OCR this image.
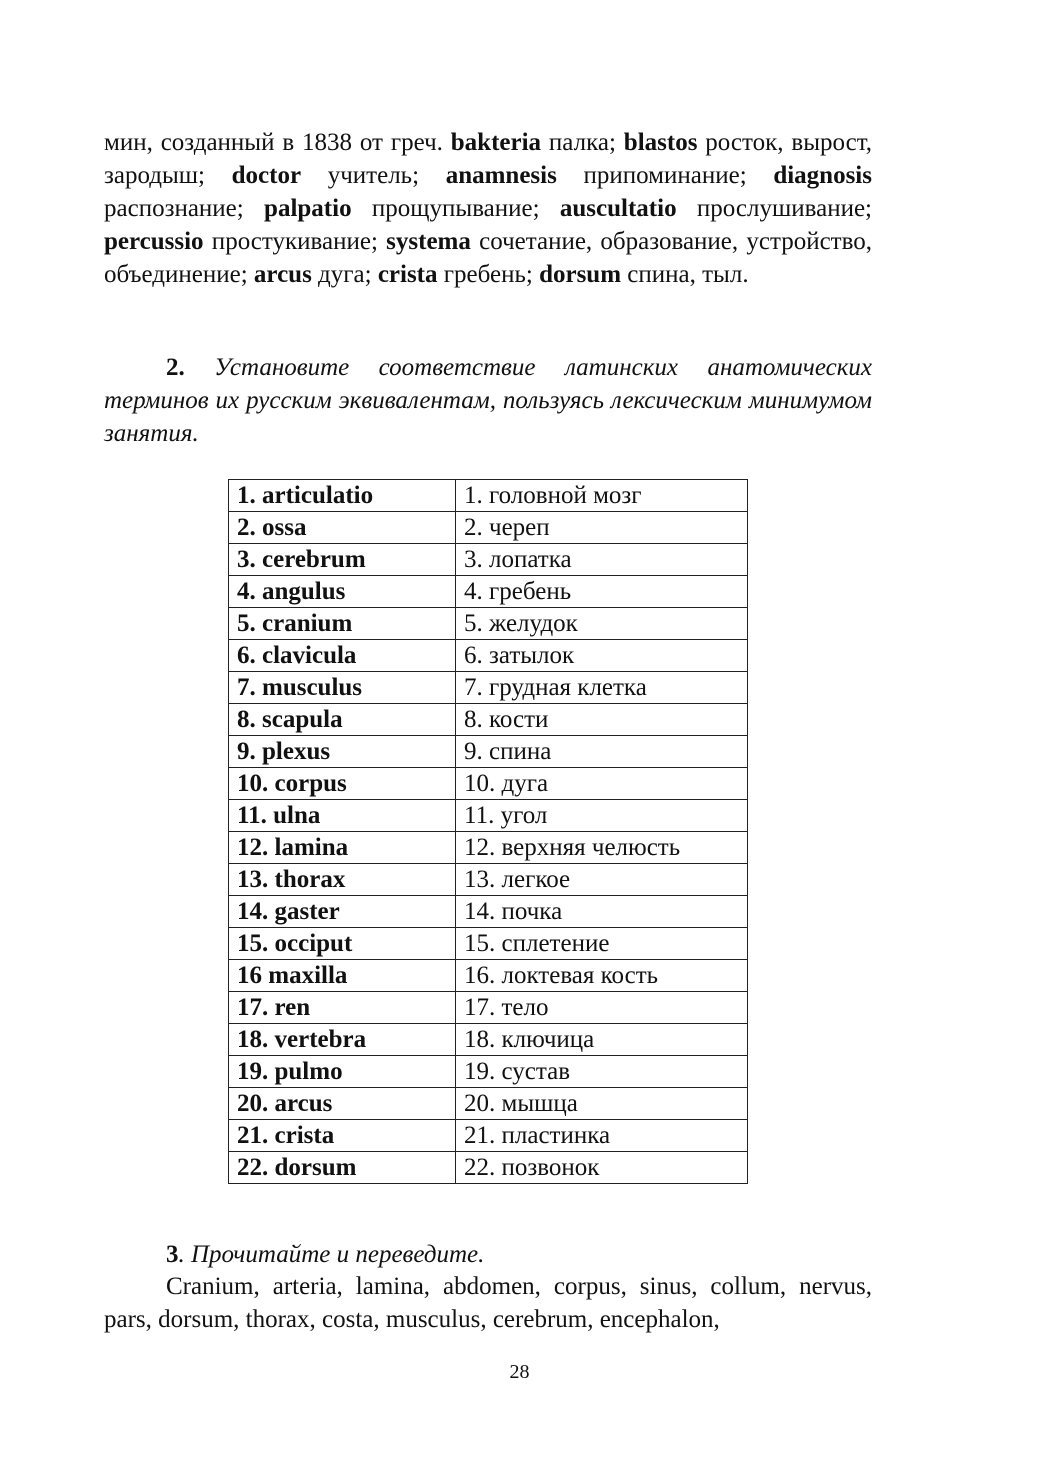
мин, созданный в 1838 от греч. bakteria палка; blastos росток, вырост, зародыш; doctor учитель; anamnesis припоминание; diagnosis распознание; palpatio прощупывание; auscultatio прослушивание; percussio простукивание; systema сочетание, образование, устройство, объединение; arcus дуга; crista гребень; dorsum спина, тыл.

2. Установите соответствие латинских анатомических терминов их русским эквивалентам, пользуясь лексическим минимумом занятия.

1. articulatio	1. головной мозг
2. ossa	2. череп
3. cerebrum	3. лопатка
4. angulus	4. гребень
5. cranium	5. желудок
6. clavicula	6. затылок
7. musculus	7. грудная клетка
8. scapula	8. кости
9. plexus	9. спина
10. corpus	10. дуга
11. ulna	11. угол
12. lamina	12. верхняя челюсть
13. thorax	13. легкое
14. gaster	14. почка
15. occiput	15. сплетение
16 maxilla	16. локтевая кость
17. ren	17. тело
18. vertebra	18. ключица
19. pulmo	19. сустав
20. arcus	20. мышца
21. crista	21. пластинка
22. dorsum	22. позвонок

3. Прочитайте и переведите.

Cranium, arteria, lamina, abdomen, corpus, sinus, collum, nervus, pars, dorsum, thorax, costa, musculus, cerebrum, encephalon,

28
